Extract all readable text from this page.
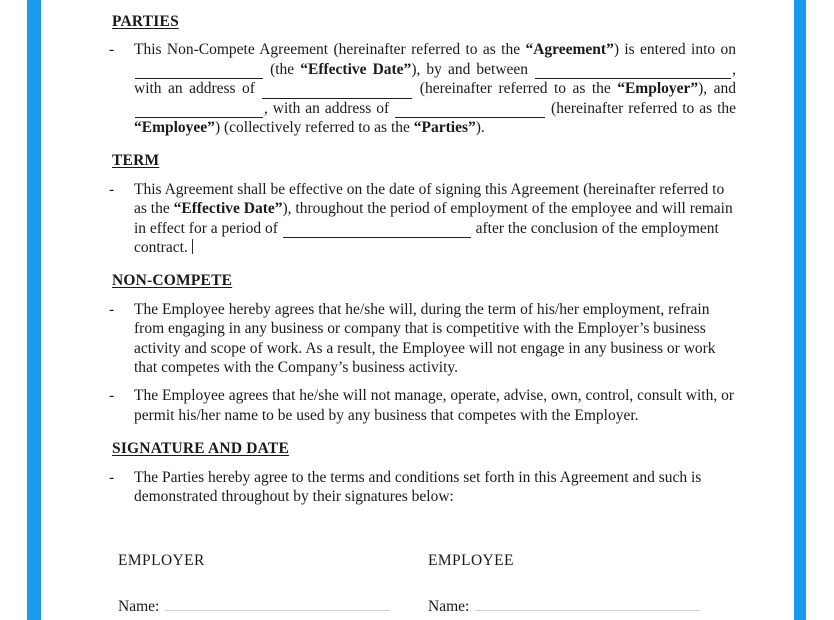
PARTIES
-	This Non-Compete Agreement (hereinafter referred to as the “Agreement”) is entered into on  (the “Effective Date”), by and between	, with an address of	(hereinafter referred to as the “Employer”), and , with an address of	(hereinafter referred to as the “Employee”) (collectively referred to as the “Parties”).
TERM
-	This Agreement shall be effective on the date of signing this Agreement (hereinafter referred to as the “Effective Date”), throughout the period of employment of the employee and will remain in effect for a period of	after the conclusion of the employment contract.
NON-COMPETE
-	The Employee hereby agrees that he/she will, during the term of his/her employment, refrain from engaging in any business or company that is competitive with the Employer’s business activity and scope of work. As a result, the Employee will not engage in any business or work that competes with the Company’s business activity.
-	The Employee agrees that he/she will not manage, operate, advise, own, control, consult with, or permit his/her name to be used by any business that competes with the Employer.
SIGNATURE AND DATE
-	The Parties hereby agree to the terms and conditions set forth in this Agreement and such is demonstrated throughout by their signatures below:
EMPLOYER
Name:
EMPLOYEE
Name:
